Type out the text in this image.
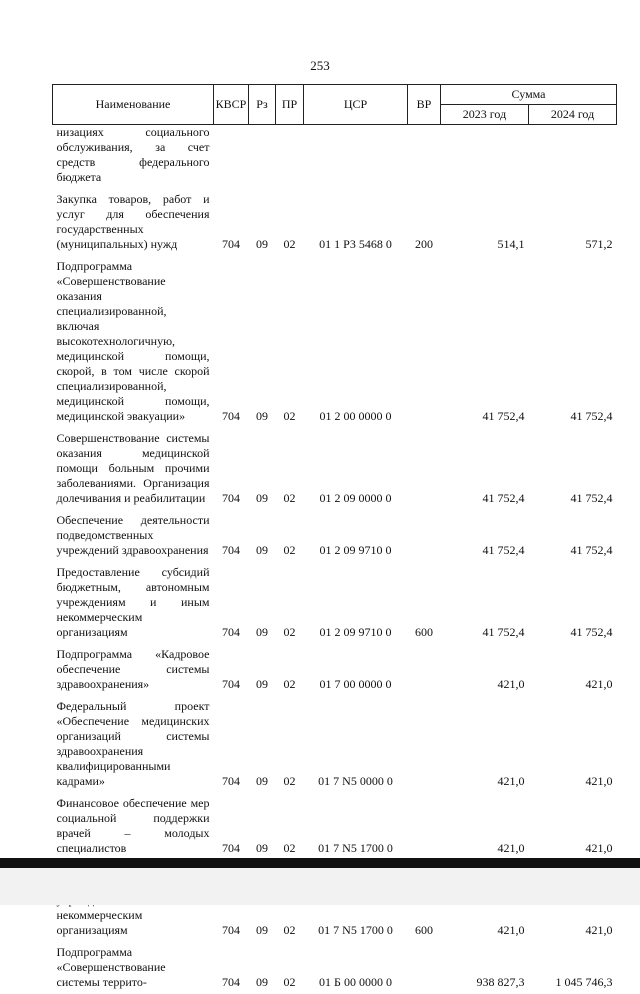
253
Наименование	КВСР	Рз	ПР	ЦСР	ВР	Сумма	
						2023 год	2024 год
низациях социального обслуживания, за счет средств федерального бюджета							
Закупка товаров, работ и услуг для обеспечения государственных (муниципальных) нужд	704	09	02	01 1 Р3 5468 0	200	514,1	571,2
Подпрограмма «Совершенствование оказания специализированной, включая высокотехнологичную, медицинской помощи, скорой, в том числе скорой специализированной, медицинской помощи, медицинской эвакуации»	704	09	02	01 2 00 0000 0		41 752,4	41 752,4
Совершенствование системы оказания медицинской помощи больным прочими заболеваниями. Организация долечивания и реабилитации	704	09	02	01 2 09 0000 0		41 752,4	41 752,4
Обеспечение деятельности подведомственных учреждений здравоохранения	704	09	02	01 2 09 9710 0		41 752,4	41 752,4
Предоставление субсидий бюджетным, автономным учреждениям и иным некоммерческим организациям	704	09	02	01 2 09 9710 0	600	41 752,4	41 752,4
Подпрограмма «Кадровое обеспечение системы здравоохранения»	704	09	02	01 7 00 0000 0		421,0	421,0
Федеральный проект «Обеспечение медицинских организаций системы здравоохранения квалифицированными кадрами»	704	09	02	01 7 N5 0000 0		421,0	421,0
Финансовое обеспечение мер социальной поддержки врачей – молодых специалистов	704	09	02	01 7 N5 1700 0		421,0	421,0
некоммерческим организациям	704	09	02	01 7 N5 1700 0	600	421,0	421,0
Подпрограмма «Совершенствование системы террито-	704	09	02	01 Б 00 0000 0		938 827,3	1 045 746,3
